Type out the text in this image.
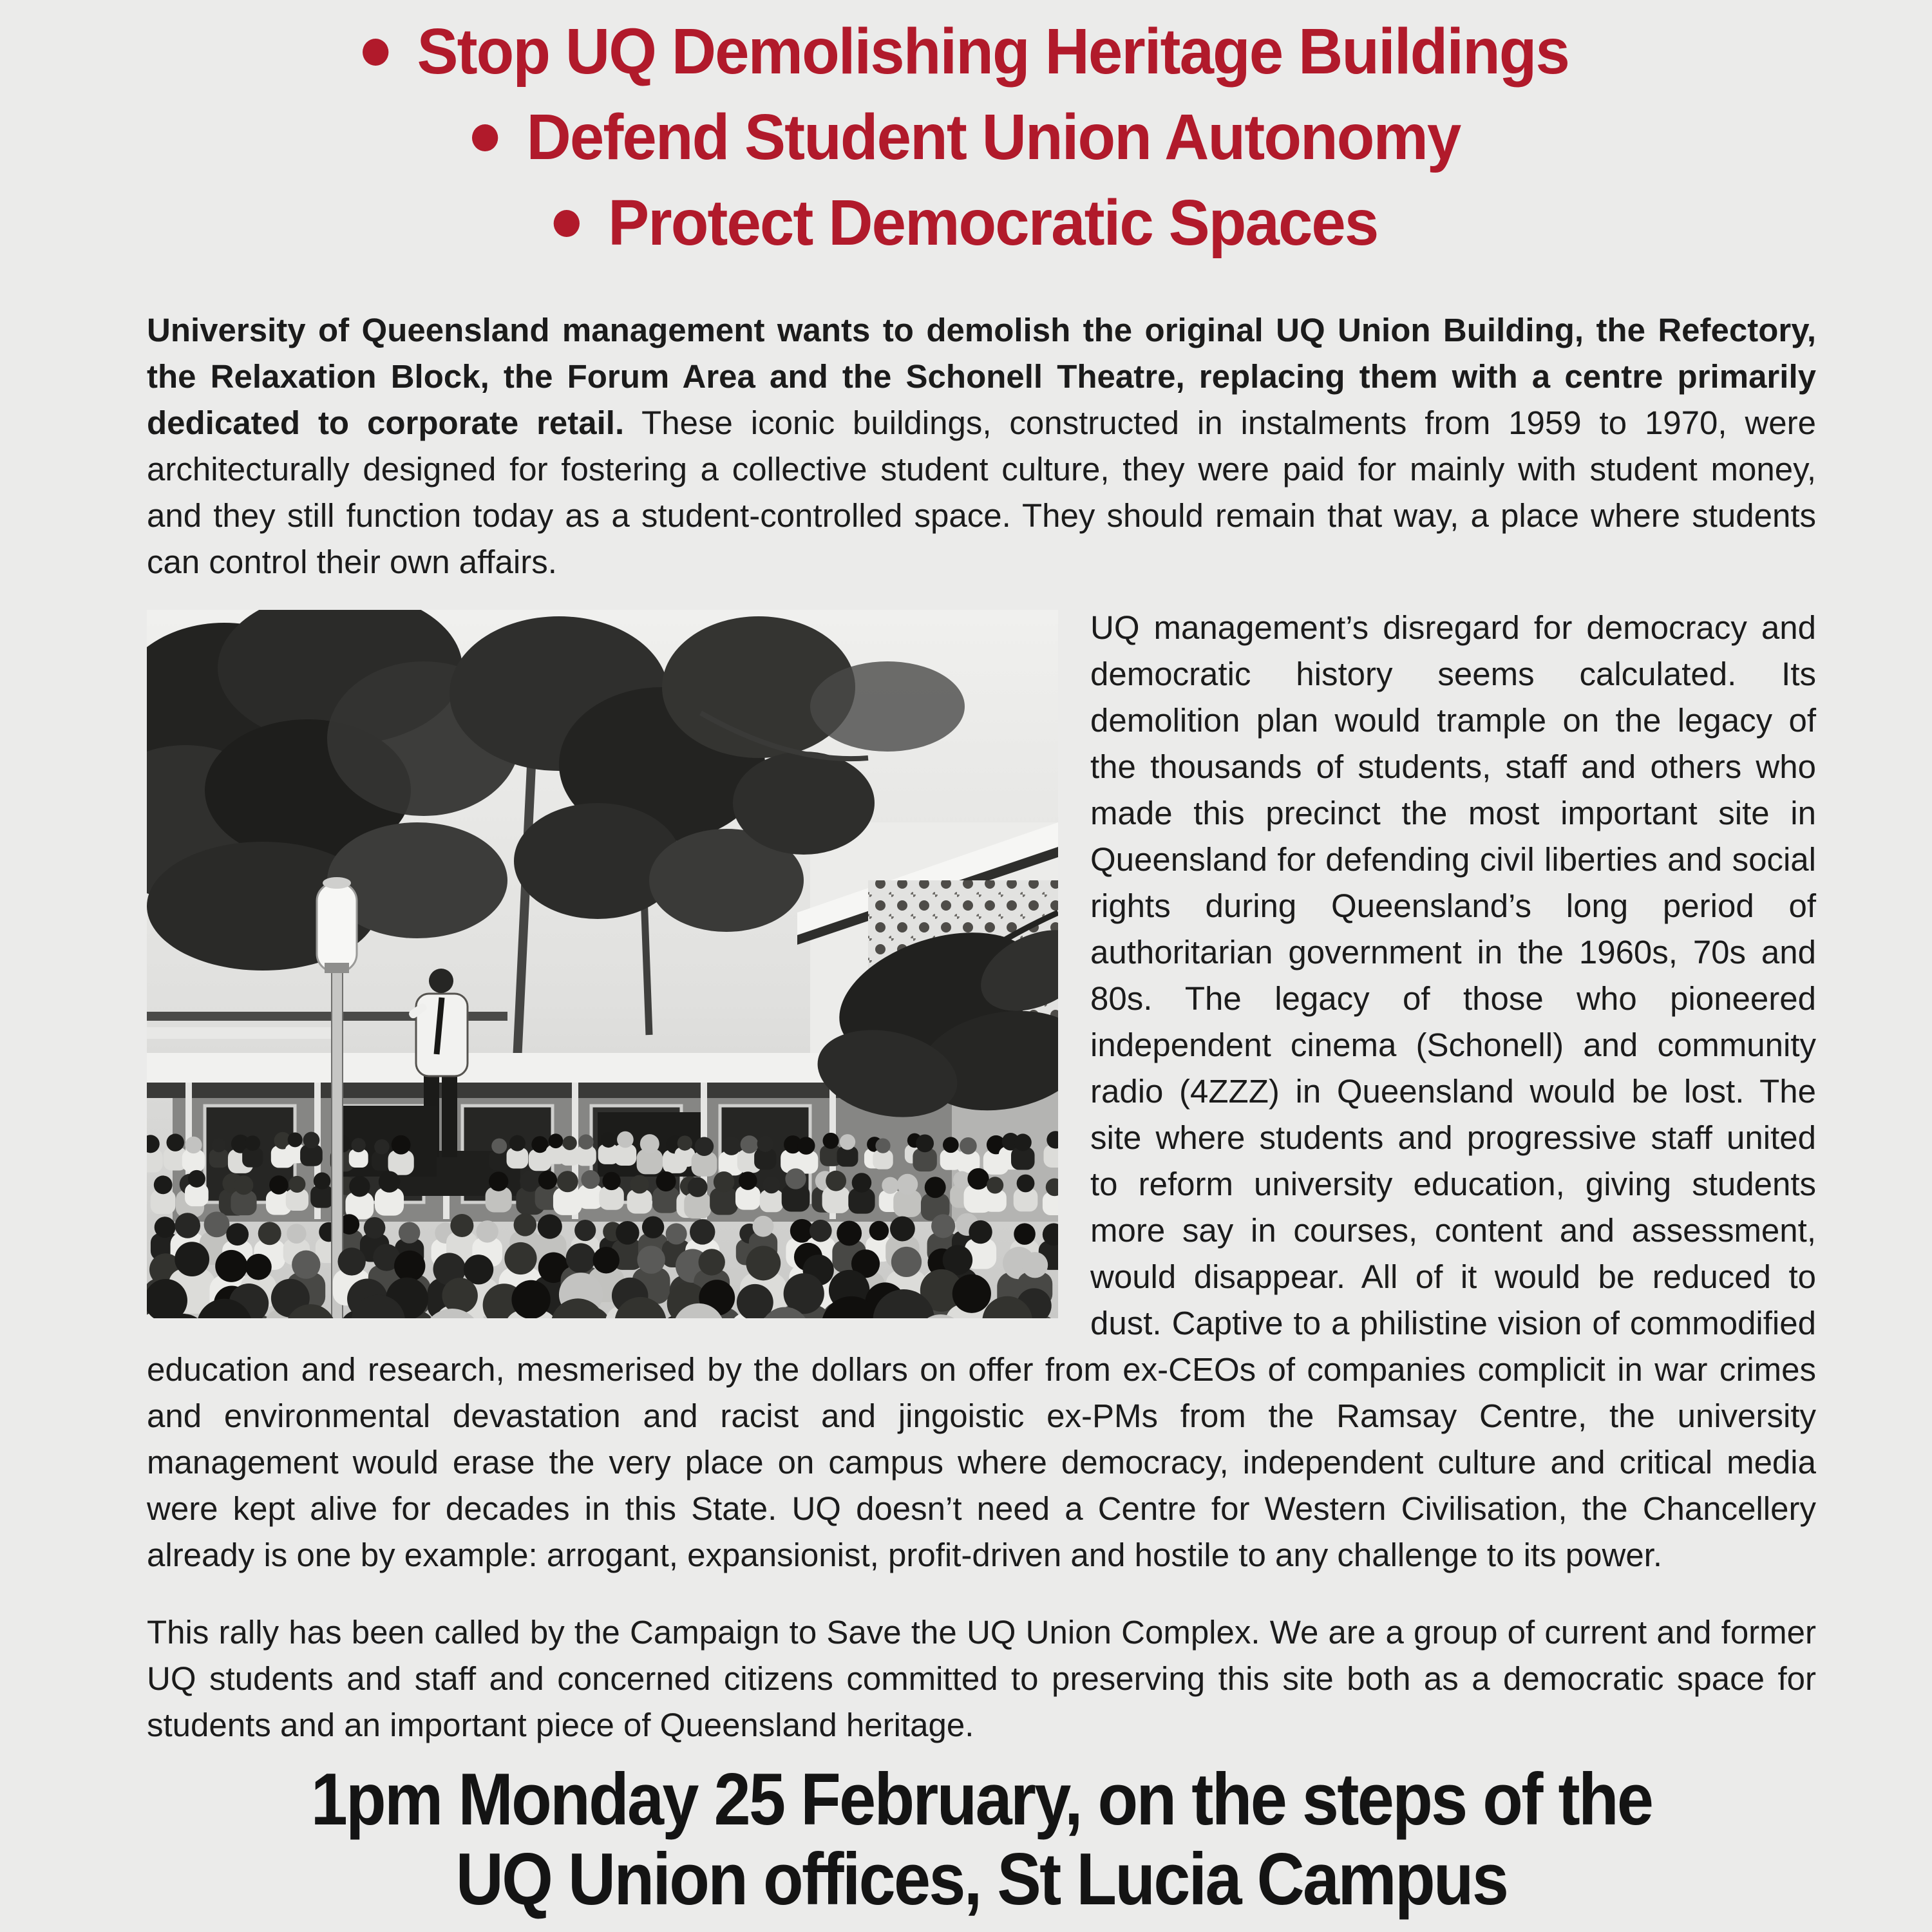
Stop UQ Demolishing Heritage Buildings
Defend Student Union Autonomy
Protect Democratic Spaces

University of Queensland management wants to demolish the original UQ Union Building, the Refectory, the Relaxation Block, the Forum Area and the Schonell Theatre, replacing them with a centre primarily dedicated to corporate retail. These iconic buildings, constructed in instalments from 1959 to 1970, were architecturally designed for fostering a collective student culture, they were paid for mainly with student money, and they still function today as a student-controlled space. They should remain that way, a place where students can control their own affairs.

UQ management’s disregard for democracy and democratic history seems calculated. Its demolition plan would trample on the legacy of the thousands of students, staff and others who made this precinct the most important site in Queensland for defending civil liberties and social rights during Queensland’s long period of authoritarian government in the 1960s, 70s and 80s. The legacy of those who pioneered independent cinema (Schonell) and community radio (4ZZZ) in Queensland would be lost. The site where students and progressive staff united to reform university education, giving students more say in courses, content and assessment, would disappear. All of it would be reduced to dust. Captive to a philistine vision of commodified education and research, mesmerised by the dollars on offer from ex-CEOs of companies complicit in war crimes and environmental devastation and racist and jingoistic ex-PMs from the Ramsay Centre, the university management would erase the very place on campus where democracy, independent culture and critical media were kept alive for decades in this State. UQ doesn’t need a Centre for Western Civilisation, the Chancellery already is one by example: arrogant, expansionist, profit-driven and hostile to any challenge to its power.

This rally has been called by the Campaign to Save the UQ Union Complex. We are a group of current and former UQ students and staff and concerned citizens committed to preserving this site both as a democratic space for students and an important piece of Queensland heritage.

1pm Monday 25 February, on the steps of the
UQ Union offices, St Lucia Campus
